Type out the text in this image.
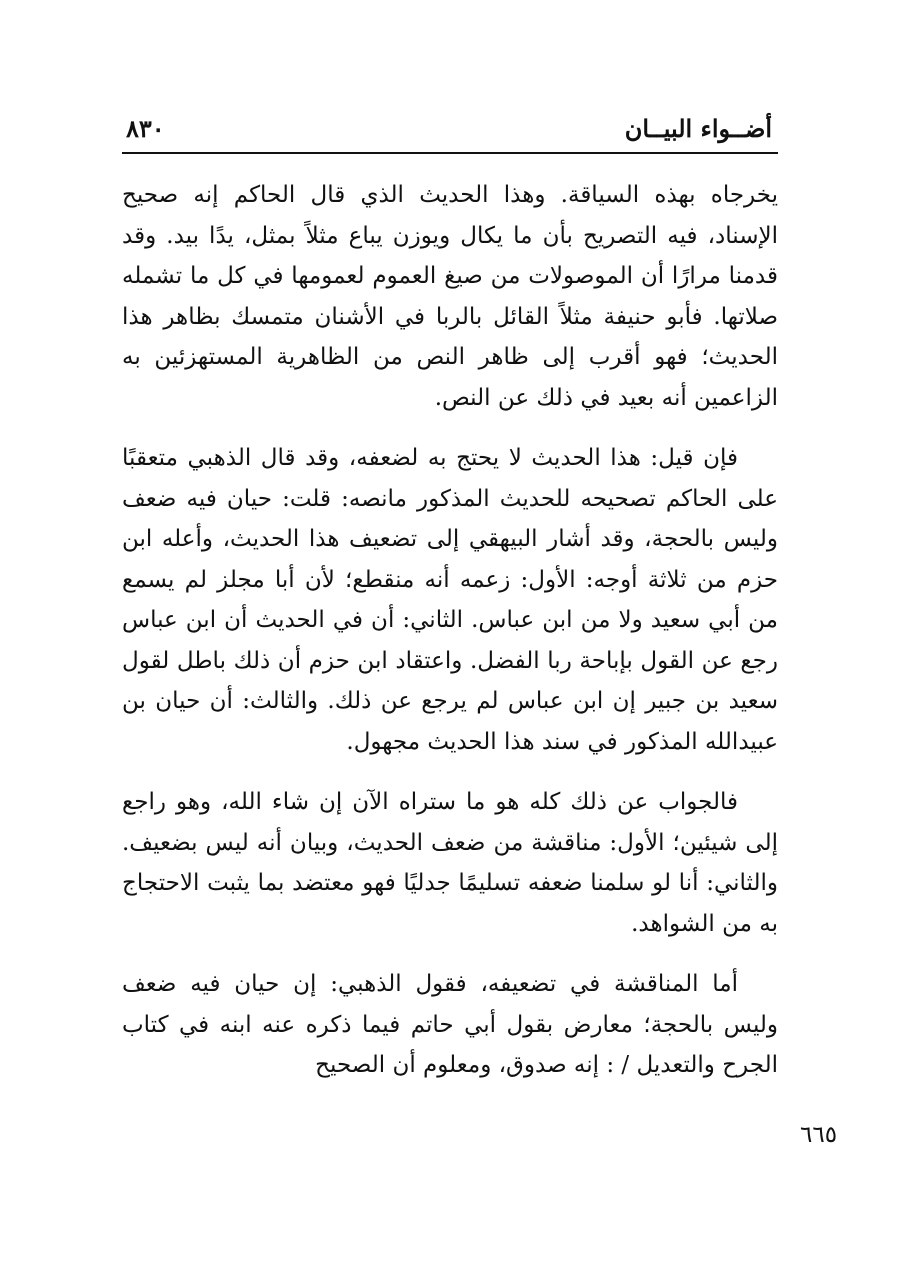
أضــواء البيــان
٨٣٠

يخرجاه بهذه السياقة. وهذا الحديث الذي قال الحاكم إنه صحيح الإسناد، فيه التصريح بأن ما يكال ويوزن يباع مثلاً بمثل، يدًا بيد. وقد قدمنا مرارًا أن الموصولات من صيغ العموم لعمومها في كل ما تشمله صلاتها. فأبو حنيفة مثلاً القائل بالربا في الأشنان متمسك بظاهر هذا الحديث؛ فهو أقرب إلى ظاهر النص من الظاهرية المستهزئين به الزاعمين أنه بعيد في ذلك عن النص.

فإن قيل: هذا الحديث لا يحتج به لضعفه، وقد قال الذهبي متعقبًا على الحاكم تصحيحه للحديث المذكور مانصه: قلت: حيان فيه ضعف وليس بالحجة، وقد أشار البيهقي إلى تضعيف هذا الحديث، وأعله ابن حزم من ثلاثة أوجه: الأول: زعمه أنه منقطع؛ لأن أبا مجلز لم يسمع من أبي سعيد ولا من ابن عباس. الثاني: أن في الحديث أن ابن عباس رجع عن القول بإباحة ربا الفضل. واعتقاد ابن حزم أن ذلك باطل لقول سعيد بن جبير إن ابن عباس لم يرجع عن ذلك. والثالث: أن حيان بن عبيدالله المذكور في سند هذا الحديث مجهول.

فالجواب عن ذلك كله هو ما ستراه الآن إن شاء الله، وهو راجع إلى شيئين؛ الأول: مناقشة من ضعف الحديث، وبيان أنه ليس بضعيف. والثاني: أنا لو سلمنا ضعفه تسليمًا جدليًا فهو معتضد بما يثبت الاحتجاج به من الشواهد.

أما المناقشة في تضعيفه، فقول الذهبي: إن حيان فيه ضعف وليس بالحجة؛ معارض بقول أبي حاتم فيما ذكره عنه ابنه في كتاب الجرح والتعديل / : إنه صدوق، ومعلوم أن الصحيح

٦٦٥
